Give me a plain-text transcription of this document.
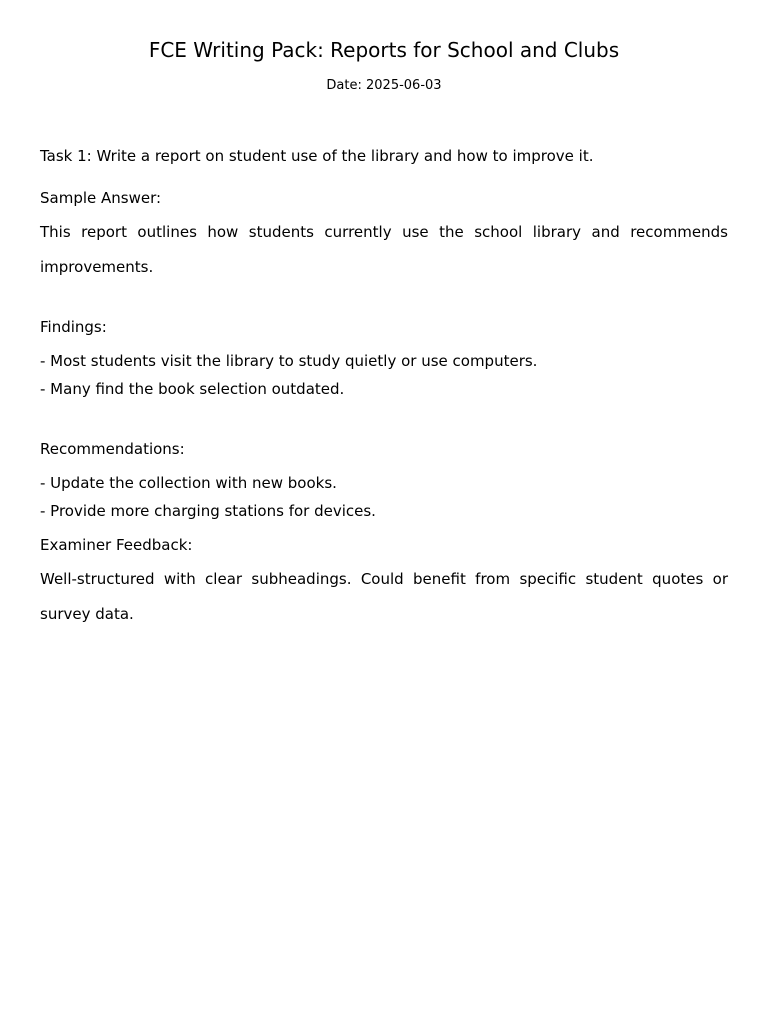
FCE Writing Pack: Reports for School and Clubs

Date: 2025-06-03

Task 1: Write a report on student use of the library and how to improve it.

Sample Answer:

This report outlines how students currently use the school library and recommends improvements.

Findings:

- Most students visit the library to study quietly or use computers.

- Many find the book selection outdated.

Recommendations:

- Update the collection with new books.

- Provide more charging stations for devices.

Examiner Feedback:

Well-structured with clear subheadings. Could benefit from specific student quotes or survey data.
